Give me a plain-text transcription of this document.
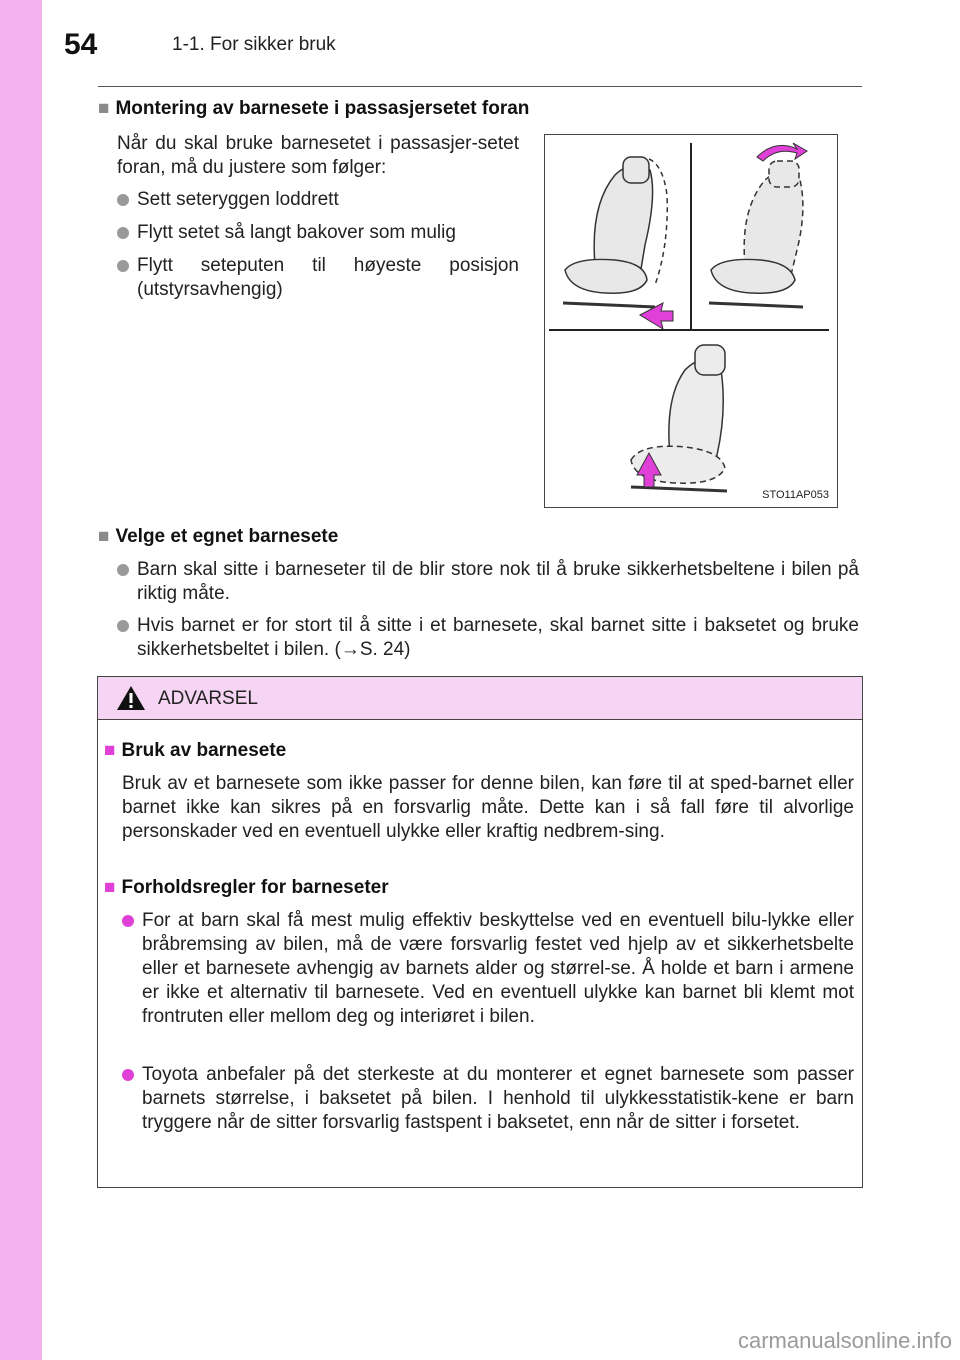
54	1-1. For sikker bruk
■ Montering av barnesete i passasjersetet foran
Når du skal bruke barnesetet i passasjer-setet foran, må du justere som følger:
Sett seteryggen loddrett
Flytt setet så langt bakover som mulig
Flytt seteputen til høyeste posisjon (utstyrsavhengig)
STO11AP053
■ Velge et egnet barnesete
Barn skal sitte i barneseter til de blir store nok til å bruke sikkerhetsbeltene i bilen på riktig måte.
Hvis barnet er for stort til å sitte i et barnesete, skal barnet sitte i baksetet og bruke sikkerhetsbeltet i bilen. (→S. 24)
ADVARSEL
■ Bruk av barnesete
Bruk av et barnesete som ikke passer for denne bilen, kan føre til at sped-barnet eller barnet ikke kan sikres på en forsvarlig måte. Dette kan i så fall føre til alvorlige personskader ved en eventuell ulykke eller kraftig nedbrem-sing.
■ Forholdsregler for barneseter
For at barn skal få mest mulig effektiv beskyttelse ved en eventuell bilu-lykke eller bråbremsing av bilen, må de være forsvarlig festet ved hjelp av et sikkerhetsbelte eller et barnesete avhengig av barnets alder og størrel-se. Å holde et barn i armene er ikke et alternativ til barnesete. Ved en eventuell ulykke kan barnet bli klemt mot frontruten eller mellom deg og interiøret i bilen.
Toyota anbefaler på det sterkeste at du monterer et egnet barnesete som passer barnets størrelse, i baksetet på bilen. I henhold til ulykkesstatistik-kene er barn tryggere når de sitter forsvarlig fastspent i baksetet, enn når de sitter i forsetet.
carmanualsonline.info
